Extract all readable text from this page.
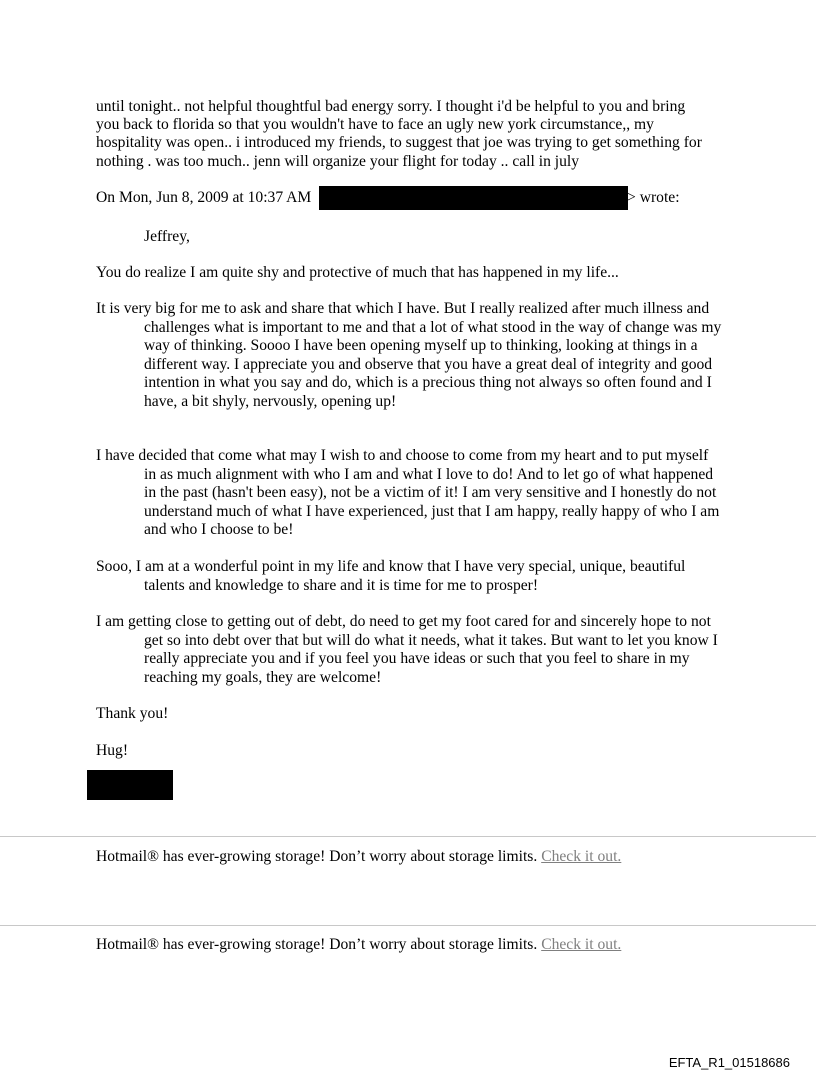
until tonight.. not helpful thoughtful bad energy sorry. I thought i'd be helpful to you and bring

you back to florida so that you wouldn't have to face an ugly new york circumstance,, my

hospitality was open.. i introduced my friends, to suggest that joe was trying to get something for

nothing . was too much.. jenn will organize your flight for today .. call in july

On Mon, Jun 8, 2009 at 10:37 AM	> wrote:

Jeffrey,

You do realize I am quite shy and protective of much that has happened in my life...

It is very big for me to ask and share that which I have. But I really realized after much illness and challenges what is important to me and that a lot of what stood in the way of change was my way of thinking. Soooo I have been opening myself up to thinking, looking at things in a different way. I appreciate you and observe that you have a great deal of integrity and good intention in what you say and do, which is a precious thing not always so often found and I have, a bit shyly, nervously, opening up!

I have decided that come what may I wish to and choose to come from my heart and to put myself in as much alignment with who I am and what I love to do! And to let go of what happened in the past (hasn't been easy), not be a victim of it! I am very sensitive and I honestly do not understand much of what I have experienced, just that I am happy, really happy of who I am and who I choose to be!

Sooo, I am at a wonderful point in my life and know that I have very special, unique, beautiful talents and knowledge to share and it is time for me to prosper!

I am getting close to getting out of debt, do need to get my foot cared for and sincerely hope to not get so into debt over that but will do what it needs, what it takes. But want to let you know I really appreciate you and if you feel you have ideas or such that you feel to share in my reaching my goals, they are welcome!

Thank you!

Hug!

Hotmail® has ever-growing storage! Don’t worry about storage limits. Check it out.

Hotmail® has ever-growing storage! Don’t worry about storage limits. Check it out.

EFTA_R1_01518686
